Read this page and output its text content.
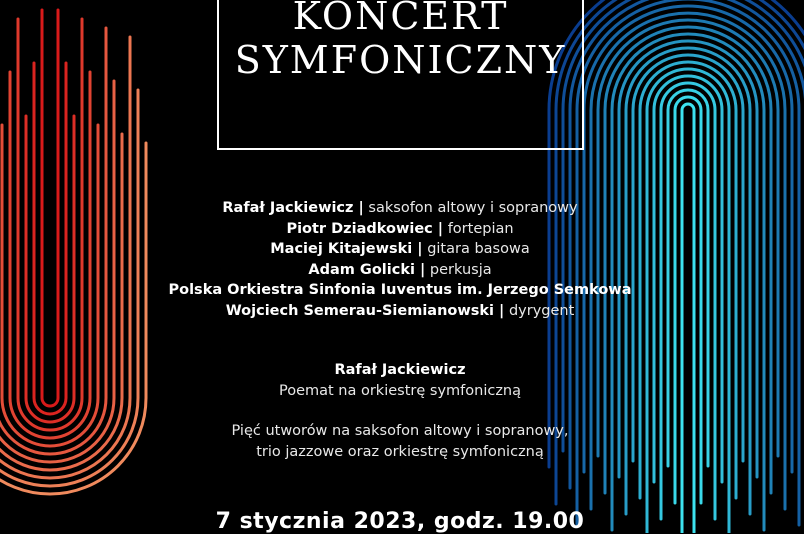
KONCERT
SYMFONICZNY
Rafał Jackiewicz | saksofon altowy i sopranowy
Piotr Dziadkowiec | fortepian
Maciej Kitajewski | gitara basowa
Adam Golicki | perkusja
Polska Orkiestra Sinfonia Iuventus im. Jerzego Semkowa
Wojciech Semerau-Siemianowski | dyrygent
Rafał Jackiewicz
Poemat na orkiestrę symfoniczną
Pięć utworów na saksofon altowy i sopranowy,
trio jazzowe oraz orkiestrę symfoniczną
7 stycznia 2023, godz. 19.00
